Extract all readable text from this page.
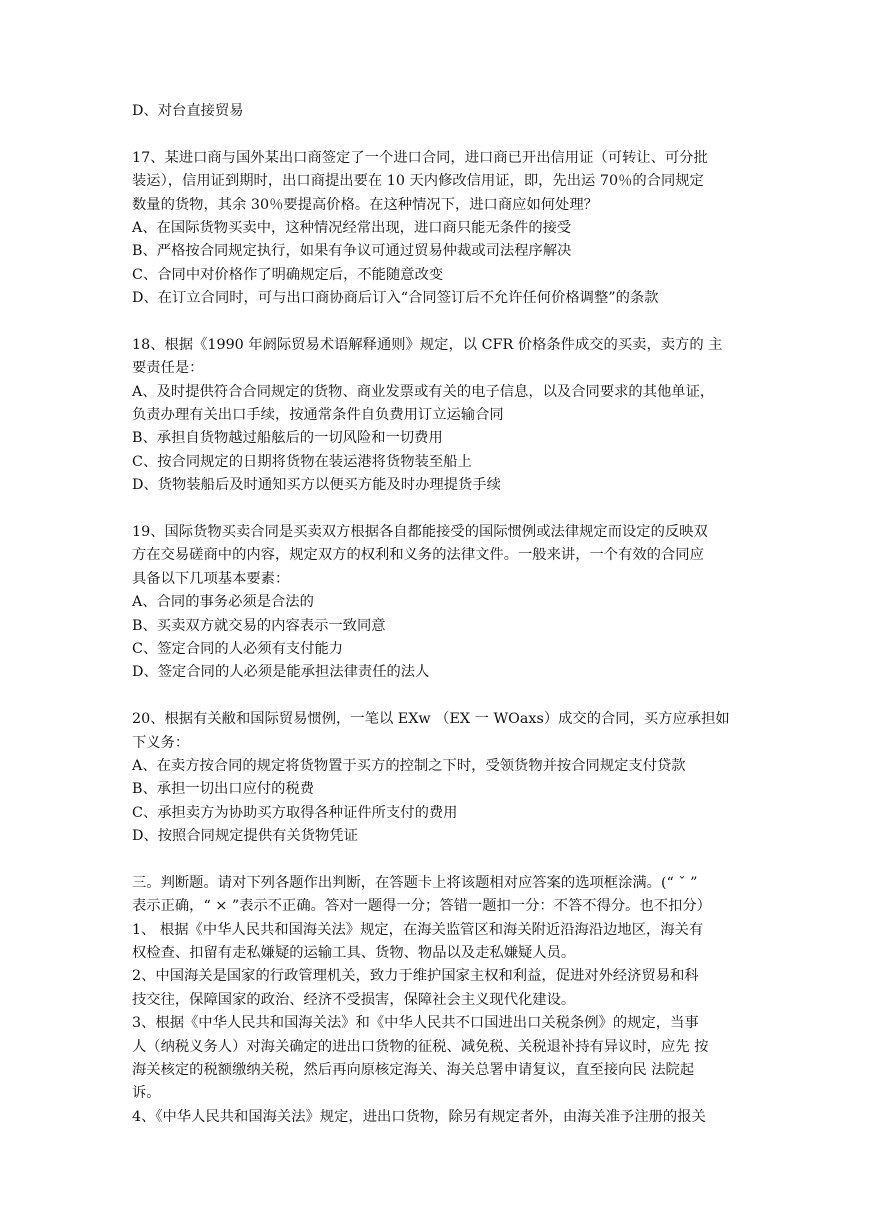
D、对台直接贸易
17、某进口商与国外某出口商签定了一个进口合同，进口商已开出信用证（可转让、可分批
装运），信用证到期时，出口商提出要在 10 天内修改信用证，即，先出运 70％的合同规定
数量的货物，其余 30％要提高价格。在这种情况下，进口商应如何处理？
A、在国际货物买卖中，这种情况经常出现，进口商只能无条件的接受
B、严格按合同规定执行，如果有争议可通过贸易仲裁或司法程序解决
C、合同中对价格作了明确规定后，不能随意改变
D、在订立合同时，可与出口商协商后订入“合同签订后不允许任何价格调整”的条款
18、根据《1990 年阏际贸易术语解释通则》规定，以 CFR 价格条件成交的买卖，卖方的 主
要责任是：
A、及时提供符合合同规定的货物、商业发票或有关的电子信息，以及合同要求的其他单证，
负责办理有关出口手续，按通常条件自负费用订立运输合同
B、承担自货物越过船舷后的一切风险和一切费用
C、按合同规定的日期将货物在装运港将货物装至船上
D、货物装船后及时通知买方以便买方能及时办理提货手续
19、国际货物买卖合同是买卖双方根据各自都能接受的国际惯例或法律规定而设定的反映双
方在交易磋商中的内容，规定双方的权利和义务的法律文件。一般来讲，一个有效的合同应
具备以下几项基本要素：
A、合同的事务必须是合法的
B、买卖双方就交易的内容表示一致同意
C、签定合同的人必须有支付能力
D、签定合同的人必须是能承担法律责任的法人
20、根据有关敝和国际贸易惯例，一笔以 EXw （EX 一 WOaxs）成交的合同，买方应承担如
下义务：
A、在卖方按合同的规定将货物置于买方的控制之下时，受领货物并按合同规定支付贷款
B、承担一切出口应付的税费
C、承担卖方为协助买方取得各种证件所支付的费用
D、按照合同规定提供有关货物凭证
三。判断题。请对下列各题作出判断，在答题卡上将该题相对应答案的选项框涂满。(“ ˇ ”
表示正确，“ × ”表示不正确。答对一题得一分；答错一题扣一分：不答不得分。也不扣分）
1、 根据《中华人民共和国海关法》规定，在海关监管区和海关附近沿海沿边地区，海关有
权检查、扣留有走私嫌疑的运输工具、货物、物品以及走私嫌疑人员。
2、中国海关是国家的行政管理机关，致力于维护国家主权和利益，促进对外经济贸易和科
技交往，保障国家的政治、经济不受损害，保障社会主义现代化建设。
3、根据《中华人民共和国海关法》和《中华人民共不口国进出口关税条例》的规定，当事
人（纳税义务人）对海关确定的进出口货物的征税、减免税、关税退补持有异议时，应先 按
海关核定的税额缴纳关税，然后再向原核定海关、海关总署申请复议，直至接向民 法院起
诉。
4、《中华人民共和国海关法》规定，进出口货物，除另有规定者外，由海关准予注册的报关
